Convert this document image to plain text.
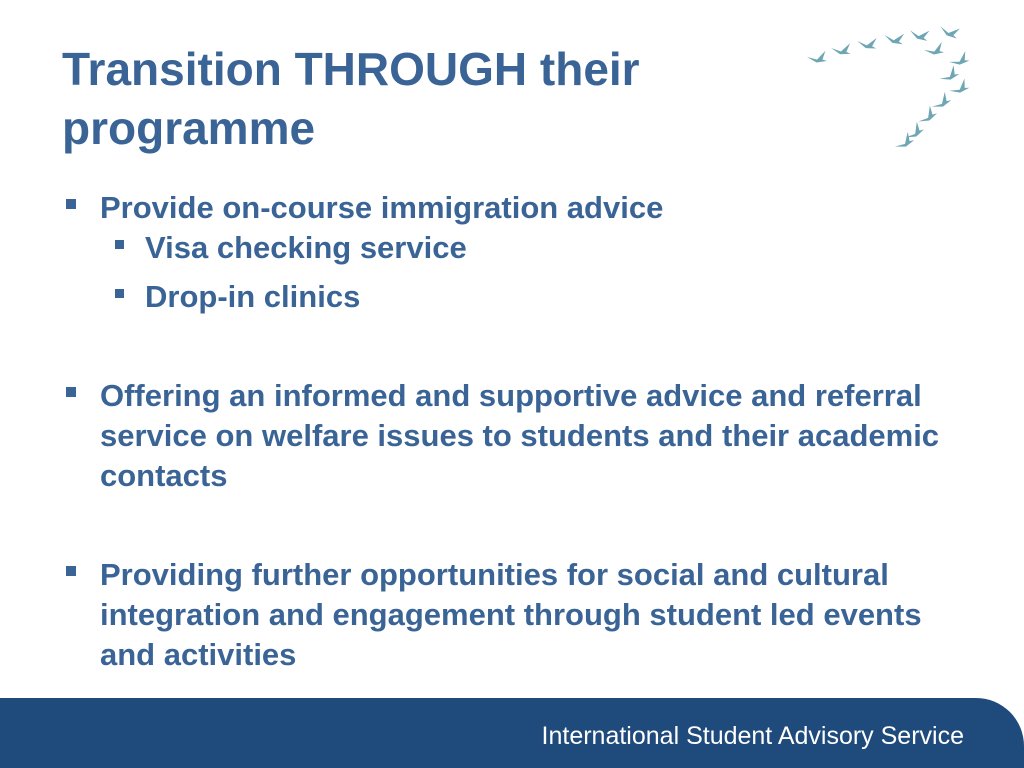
Transition THROUGH their programme
Provide on-course immigration advice
Visa checking service
Drop-in clinics
Offering an informed and supportive advice and referral service on welfare issues to students and their academic contacts
Providing further opportunities for social and cultural integration and engagement through student led events and activities
International Student Advisory Service
